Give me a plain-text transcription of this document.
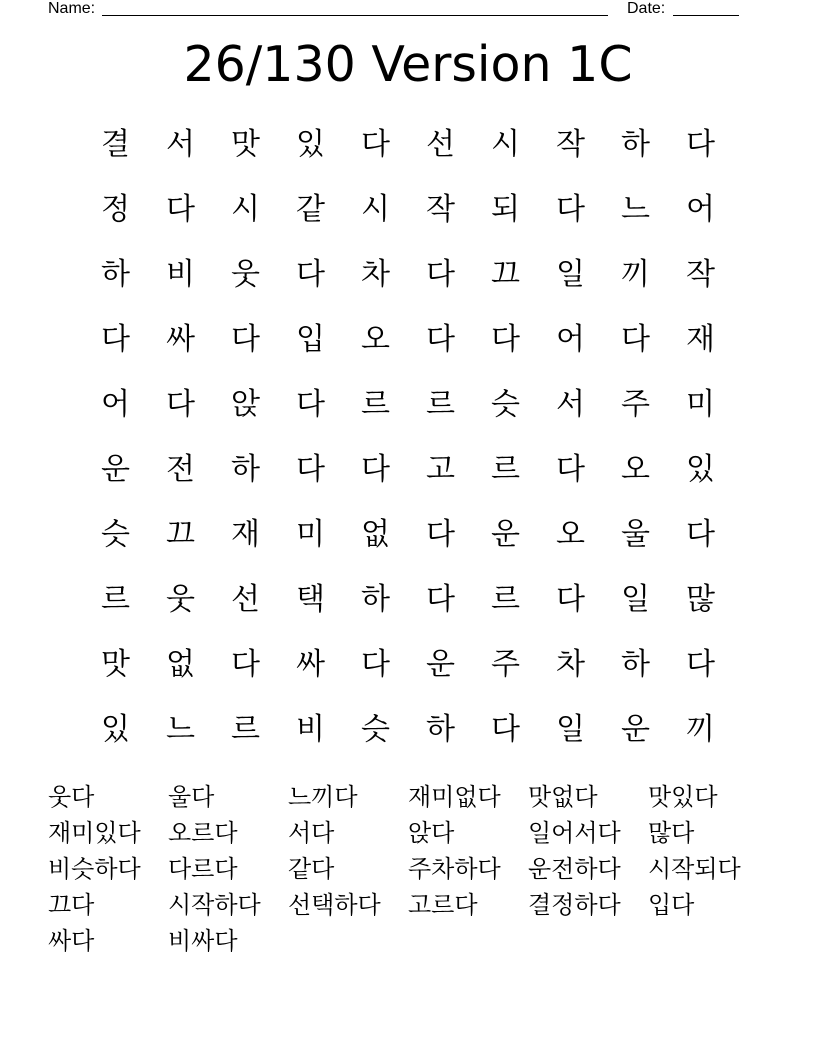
Name:	Date:
26/130 Version 1C
결	서	맛	있	다	선	시	작	하	다
정	다	시	같	시	작	되	다	느	어
하	비	웃	다	차	다	끄	일	끼	작
다	싸	다	입	오	다	다	어	다	재
어	다	앉	다	르	르	슷	서	주	미
운	전	하	다	다	고	르	다	오	있
슷	끄	재	미	없	다	운	오	울	다
르	웃	선	택	하	다	르	다	일	많
맛	없	다	싸	다	운	주	차	하	다
있	느	르	비	슷	하	다	일	운	끼
웃다	울다	느끼다	재미없다	맛없다	맛있다
재미있다	오르다	서다	앉다	일어서다	많다
비슷하다	다르다	같다	주차하다	운전하다	시작되다
끄다	시작하다	선택하다	고르다	결정하다	입다
싸다	비싸다
